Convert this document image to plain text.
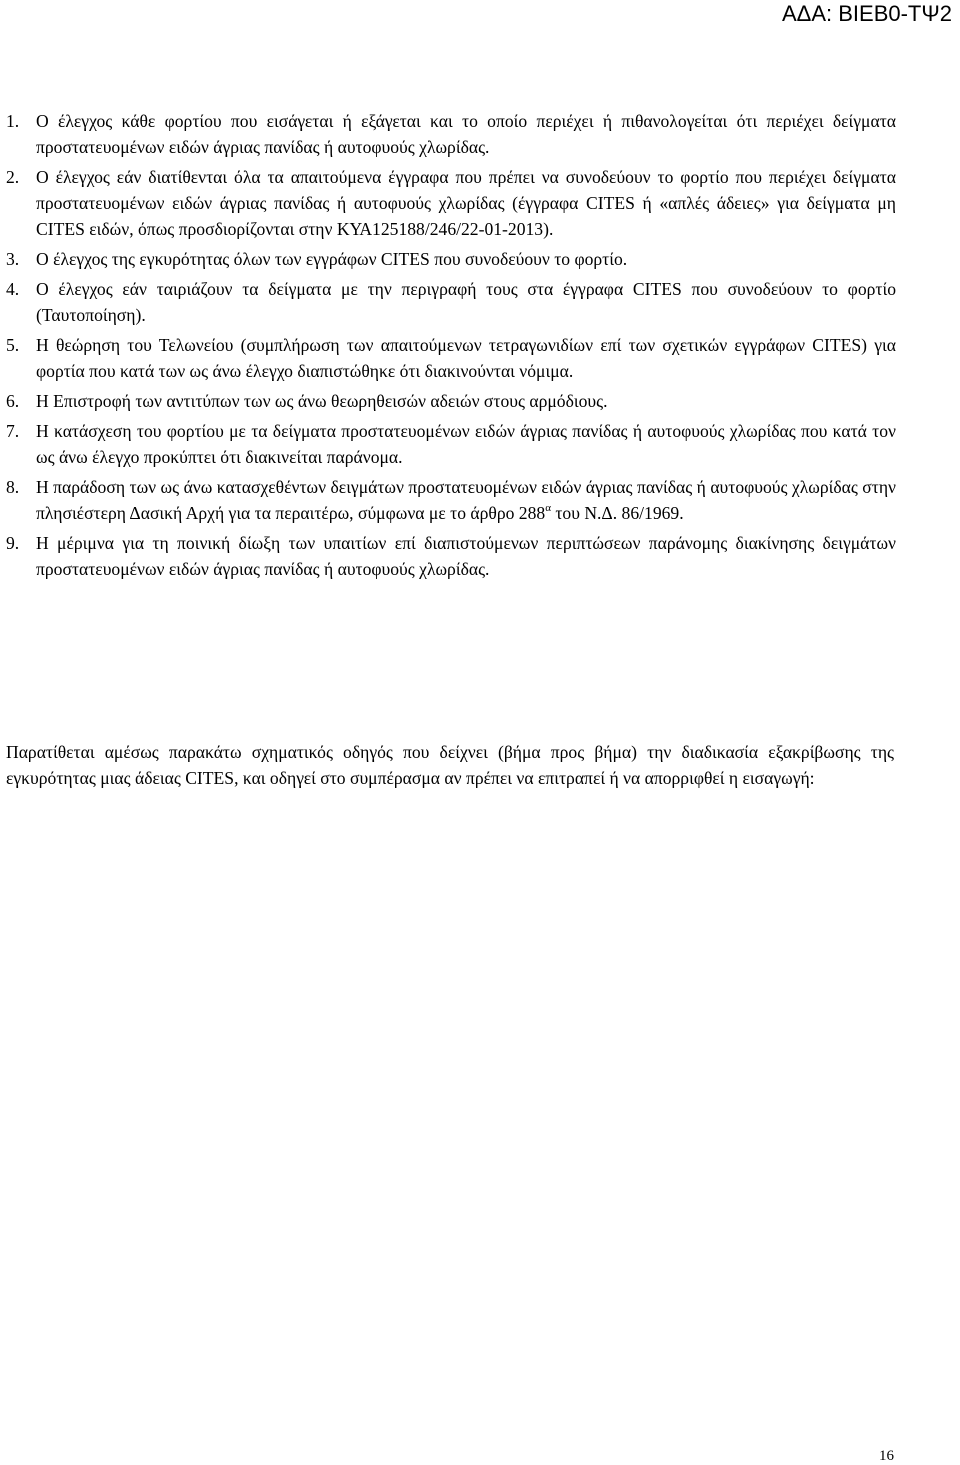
ΑΔΑ: ΒΙΕΒ0-ΤΨ2
1. Ο έλεγχος κάθε φορτίου που εισάγεται ή εξάγεται και το οποίο περιέχει ή πιθανολογείται ότι περιέχει δείγματα προστατευομένων ειδών άγριας πανίδας ή αυτοφυούς χλωρίδας.
2. Ο έλεγχος εάν διατίθενται όλα τα απαιτούμενα έγγραφα που πρέπει να συνοδεύουν το φορτίο που περιέχει δείγματα προστατευομένων ειδών άγριας πανίδας ή αυτοφυούς χλωρίδας (έγγραφα CITES ή «απλές άδειες» για δείγματα μη CITES ειδών, όπως προσδιορίζονται στην ΚΥΑ125188/246/22-01-2013).
3. Ο έλεγχος της εγκυρότητας όλων των εγγράφων CITES που συνοδεύουν το φορτίο.
4. Ο έλεγχος εάν ταιριάζουν τα δείγματα με την περιγραφή τους στα έγγραφα CITES που συνοδεύουν το φορτίο (Ταυτοποίηση).
5. Η θεώρηση του Τελωνείου (συμπλήρωση των απαιτούμενων τετραγωνιδίων επί των σχετικών εγγράφων CITES) για φορτία που κατά των ως άνω έλεγχο διαπιστώθηκε ότι διακινούνται νόμιμα.
6. Η Επιστροφή των αντιτύπων των ως άνω θεωρηθεισών αδειών στους αρμόδιους.
7. Η κατάσχεση του φορτίου με τα δείγματα προστατευομένων ειδών άγριας πανίδας ή αυτοφυούς χλωρίδας που κατά τον ως άνω έλεγχο προκύπτει ότι διακινείται παράνομα.
8. Η παράδοση των ως άνω κατασχεθέντων δειγμάτων προστατευομένων ειδών άγριας πανίδας ή αυτοφυούς χλωρίδας στην πλησιέστερη Δασική Αρχή για τα περαιτέρω, σύμφωνα με το άρθρο $288^\alpha$ του Ν.Δ. 86/1969.
9. Η μέριμνα για τη ποινική δίωξη των υπαιτίων επί διαπιστούμενων περιπτώσεων παράνομης διακίνησης δειγμάτων προστατευομένων ειδών άγριας πανίδας ή αυτοφυούς χλωρίδας.

Παρατίθεται αμέσως παρακάτω σχηματικός οδηγός που δείχνει (βήμα προς βήμα) την διαδικασία εξακρίβωσης της εγκυρότητας μιας άδειας CITES, και οδηγεί στο συμπέρασμα αν πρέπει να επιτραπεί ή να απορριφθεί η εισαγωγή:

16
